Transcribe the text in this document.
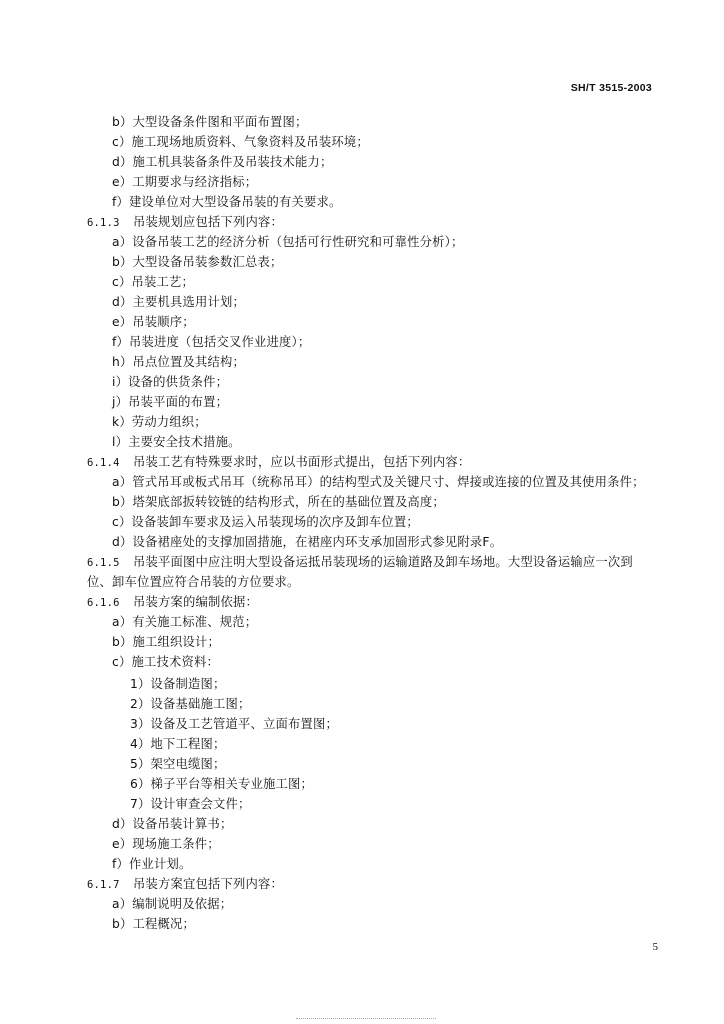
SH/T 3515-2003
b）大型设备条件图和平面布置图；
c）施工现场地质资料、气象资料及吊装环境；
d）施工机具装备条件及吊装技术能力；
e）工期要求与经济指标；
f）建设单位对大型设备吊装的有关要求。
6.1.3 吊装规划应包括下列内容：
a）设备吊装工艺的经济分析（包括可行性研究和可靠性分析）；
b）大型设备吊装参数汇总表；
c）吊装工艺；
d）主要机具选用计划；
e）吊装顺序；
f）吊装进度（包括交叉作业进度）；
h）吊点位置及其结构；
i）设备的供货条件；
j）吊装平面的布置；
k）劳动力组织；
l）主要安全技术措施。
6.1.4 吊装工艺有特殊要求时，应以书面形式提出，包括下列内容：
a）管式吊耳或板式吊耳（统称吊耳）的结构型式及关键尺寸、焊接或连接的位置及其使用条件；
b）塔架底部扳转铰链的结构形式，所在的基础位置及高度；
c）设备装卸车要求及运入吊装现场的次序及卸车位置；
d）设备裙座处的支撑加固措施，在裙座内环支承加固形式参见附录F。
6.1.5 吊装平面图中应注明大型设备运抵吊装现场的运输道路及卸车场地。大型设备运输应一次到
位、卸车位置应符合吊装的方位要求。
6.1.6 吊装方案的编制依据：
a）有关施工标准、规范；
b）施工组织设计；
c）施工技术资料：
1）设备制造图；
2）设备基础施工图；
3）设备及工艺管道平、立面布置图；
4）地下工程图；
5）架空电缆图；
6）梯子平台等相关专业施工图；
7）设计审查会文件；
d）设备吊装计算书；
e）现场施工条件；
f）作业计划。
6.1.7 吊装方案宜包括下列内容：
a）编制说明及依据；
b）工程概况；
5
